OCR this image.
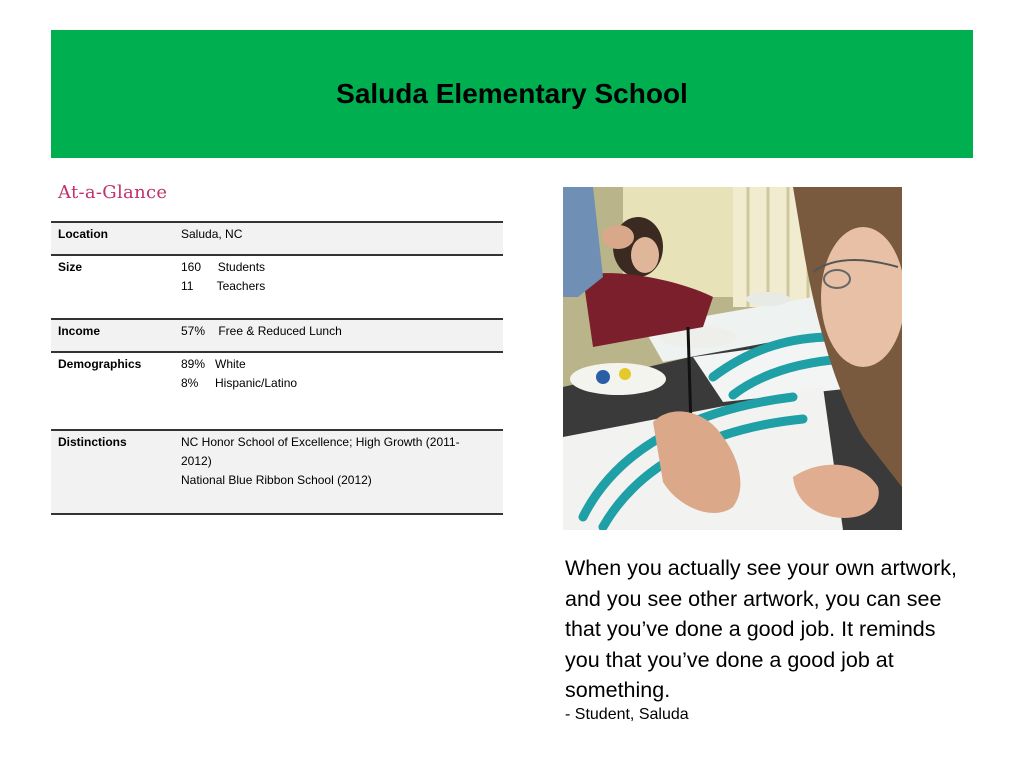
Saluda Elementary School
At-a-Glance
Location	Saluda, NC
Size	160     Students
11       Teachers
Income	57%    Free & Reduced Lunch
Demographics	89%   White
8%     Hispanic/Latino
Distinctions	NC Honor School of Excellence; High Growth (2011-2012)
National Blue Ribbon School (2012)
When you actually see your own artwork, and you see other artwork, you can see that you’ve done a good job. It reminds you that you’ve done a good job at something.
- Student, Saluda
